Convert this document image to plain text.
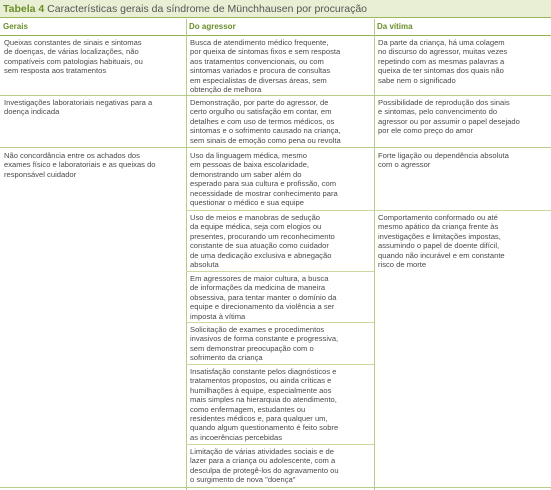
Tabela 4 Características gerais da síndrome de Münchhausen por procuração
Gerais	Do agressor	Da vítima
Queixas constantes de sinais e sintomas
de doenças, de várias localizações, não
compatíveis com patologias habituais, ou
sem resposta aos tratamentos
Busca de atendimento médico frequente,
por queixa de sintomas fixos e sem resposta
aos tratamentos convencionais, ou com
sintomas variados e procura de consultas
em especialistas de diversas áreas, sem
obtenção de melhora
Da parte da criança, há uma colagem
no discurso do agressor, muitas vezes
repetindo com as mesmas palavras a
queixa de ter sintomas dos quais não
sabe nem o significado
Investigações laboratoriais negativas para a
doença indicada
Demonstração, por parte do agressor, de
certo orgulho ou satisfação em contar, em
detalhes e com uso de termos médicos, os
sintomas e o sofrimento causado na criança,
sem sinais de emoção como pena ou revolta
Possibilidade de reprodução dos sinais
e sintomas, pelo convencimento do
agressor ou por assumir o papel desejado
por ele como preço do amor
Não concordância entre os achados dos
exames físico e laboratoriais e as queixas do
responsável cuidador
Uso da linguagem médica, mesmo
em pessoas de baixa escolaridade,
demonstrando um saber além do
esperado para sua cultura e profissão, com
necessidade de mostrar conhecimento para
questionar o médico e sua equipe
Uso de meios e manobras de sedução
da equipe médica, seja com elogios ou
presentes, procurando um reconhecimento
constante de sua atuação como cuidador
de uma dedicação exclusiva e abnegação
absoluta
Em agressores de maior cultura, a busca
de informações da medicina de maneira
obsessiva, para tentar manter o domínio da
equipe e direcionamento da violência a ser
imposta à vítima
Solicitação de exames e procedimentos
invasivos de forma constante e progressiva,
sem demonstrar preocupação com o
sofrimento da criança
Insatisfação constante pelos diagnósticos e
tratamentos propostos, ou ainda críticas e
humilhações à equipe, especialmente aos
mais simples na hierarquia do atendimento,
como enfermagem, estudantes ou
residentes médicos e, para qualquer um,
quando algum questionamento é feito sobre
as incoerências percebidas
Limitação de várias atividades sociais e de
lazer para a criança ou adolescente, com a
desculpa de protegê-los do agravamento ou
o surgimento de nova "doença"
Forte ligação ou dependência absoluta
com o agressor
Comportamento conformado ou até
mesmo apático da criança frente às
investigações e limitações impostas,
assumindo o papel de doente difícil,
quando não incurável e em constante
risco de morte
